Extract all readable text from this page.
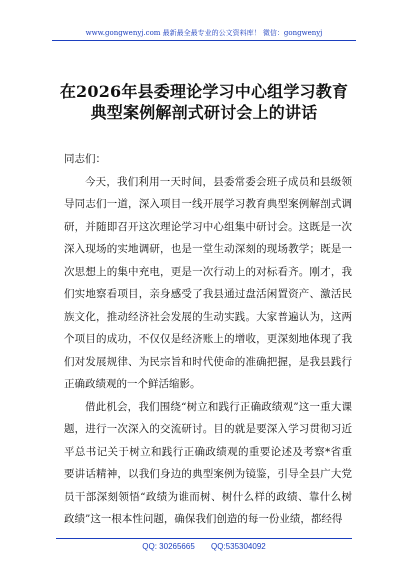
www.gongwenyj.com 最新最全最专业的公文资料库！ 微信：gongwenyj
在2026年县委理论学习中心组学习教育
典型案例解剖式研讨会上的讲话

同志们：

今天，我们利用一天时间，县委常委会班子成员和县级领导同志们一道，深入项目一线开展学习教育典型案例解剖式调研，并随即召开这次理论学习中心组集中研讨会。这既是一次深入现场的实地调研，也是一堂生动深刻的现场教学；既是一次思想上的集中充电，更是一次行动上的对标看齐。刚才，我们实地察看项目，亲身感受了我县通过盘活闲置资产、激活民族文化，推动经济社会发展的生动实践。大家普遍认为，这两个项目的成功，不仅仅是经济账上的增收，更深刻地体现了我们对发展规律、为民宗旨和时代使命的准确把握，是我县践行正确政绩观的一个鲜活缩影。

借此机会，我们围绕“树立和践行正确政绩观”这一重大课题，进行一次深入的交流研讨。目的就是要深入学习贯彻习近平总书记关于树立和践行正确政绩观的重要论述及考察*省重要讲话精神，以我们身边的典型案例为镜鉴，引导全县广大党员干部深刻领悟“政绩为谁而树、树什么样的政绩、靠什么树政绩”这一根本性问题，确保我们创造的每一份业绩，都经得

QQ: 30265665 QQ:535304092
